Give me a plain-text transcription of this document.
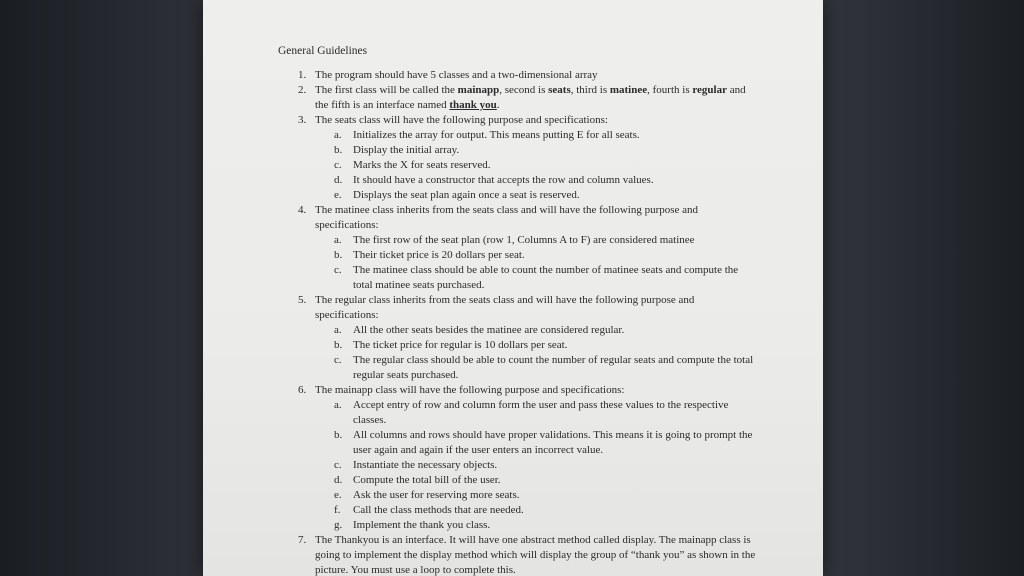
General Guidelines
1. The program should have 5 classes and a two-dimensional array
2. The first class will be called the mainapp, second is seats, third is matinee, fourth is regular and the fifth is an interface named thank you.
3. The seats class will have the following purpose and specifications:
a. Initializes the array for output. This means putting E for all seats.
b. Display the initial array.
c. Marks the X for seats reserved.
d. It should have a constructor that accepts the row and column values.
e. Displays the seat plan again once a seat is reserved.
4. The matinee class inherits from the seats class and will have the following purpose and specifications:
a. The first row of the seat plan (row 1, Columns A to F) are considered matinee
b. Their ticket price is 20 dollars per seat.
c. The matinee class should be able to count the number of matinee seats and compute the total matinee seats purchased.
5. The regular class inherits from the seats class and will have the following purpose and specifications:
a. All the other seats besides the matinee are considered regular.
b. The ticket price for regular is 10 dollars per seat.
c. The regular class should be able to count the number of regular seats and compute the total regular seats purchased.
6. The mainapp class will have the following purpose and specifications:
a. Accept entry of row and column form the user and pass these values to the respective classes.
b. All columns and rows should have proper validations. This means it is going to prompt the user again and again if the user enters an incorrect value.
c. Instantiate the necessary objects.
d. Compute the total bill of the user.
e. Ask the user for reserving more seats.
f. Call the class methods that are needed.
g. Implement the thank you class.
7. The Thankyou is an interface. It will have one abstract method called display. The mainapp class is going to implement the display method which will display the group of “thank you” as shown in the picture. You must use a loop to complete this.
